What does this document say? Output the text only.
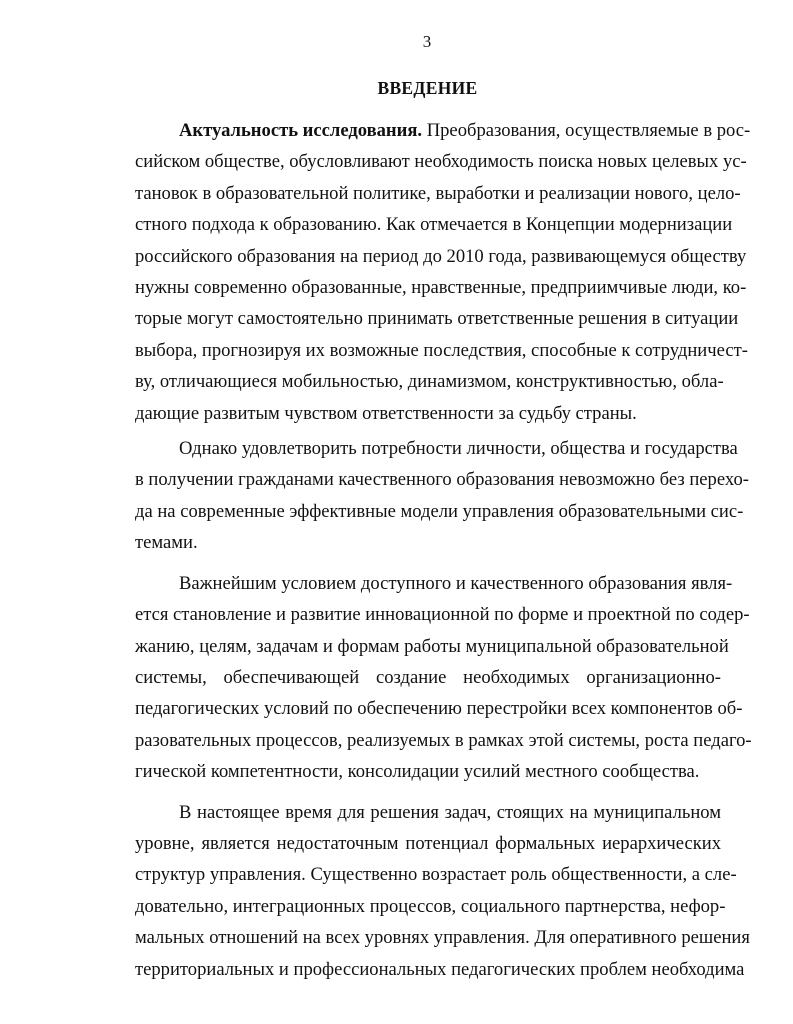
3
ВВЕДЕНИЕ
Актуальность исследования. Преобразования, осуществляемые в рос-
сийском обществе, обусловливают необходимость поиска новых целевых ус-
тановок в образовательной политике, выработки и реализации нового, цело-
стного подхода к образованию. Как отмечается в Концепции модернизации
российского образования на период до 2010 года, развивающемуся обществу
нужны современно образованные, нравственные, предприимчивые люди, ко-
торые могут самостоятельно принимать ответственные решения в ситуации
выбора, прогнозируя их возможные последствия, способные к сотрудничест-
ву, отличающиеся мобильностью, динамизмом, конструктивностью, обла-
дающие развитым чувством ответственности за судьбу страны.
Однако удовлетворить потребности личности, общества и государства
в получении гражданами качественного образования невозможно без перехо-
да на современные эффективные модели управления образовательными сис-
темами.
Важнейшим условием доступного и качественного образования явля-
ется становление и развитие инновационной по форме и проектной по содер-
жанию, целям, задачам и формам работы муниципальной образовательной
системы, обеспечивающей создание необходимых организационно-
педагогических условий по обеспечению перестройки всех компонентов об-
разовательных процессов, реализуемых в рамках этой системы, роста педаго-
гической компетентности, консолидации усилий местного сообщества.
В настоящее время для решения задач, стоящих на муниципальном
уровне, является недостаточным потенциал формальных иерархических
структур управления. Существенно возрастает роль общественности, а сле-
довательно, интеграционных процессов, социального партнерства, нефор-
мальных отношений на всех уровнях управления. Для оперативного решения
территориальных и профессиональных педагогических проблем необходима
